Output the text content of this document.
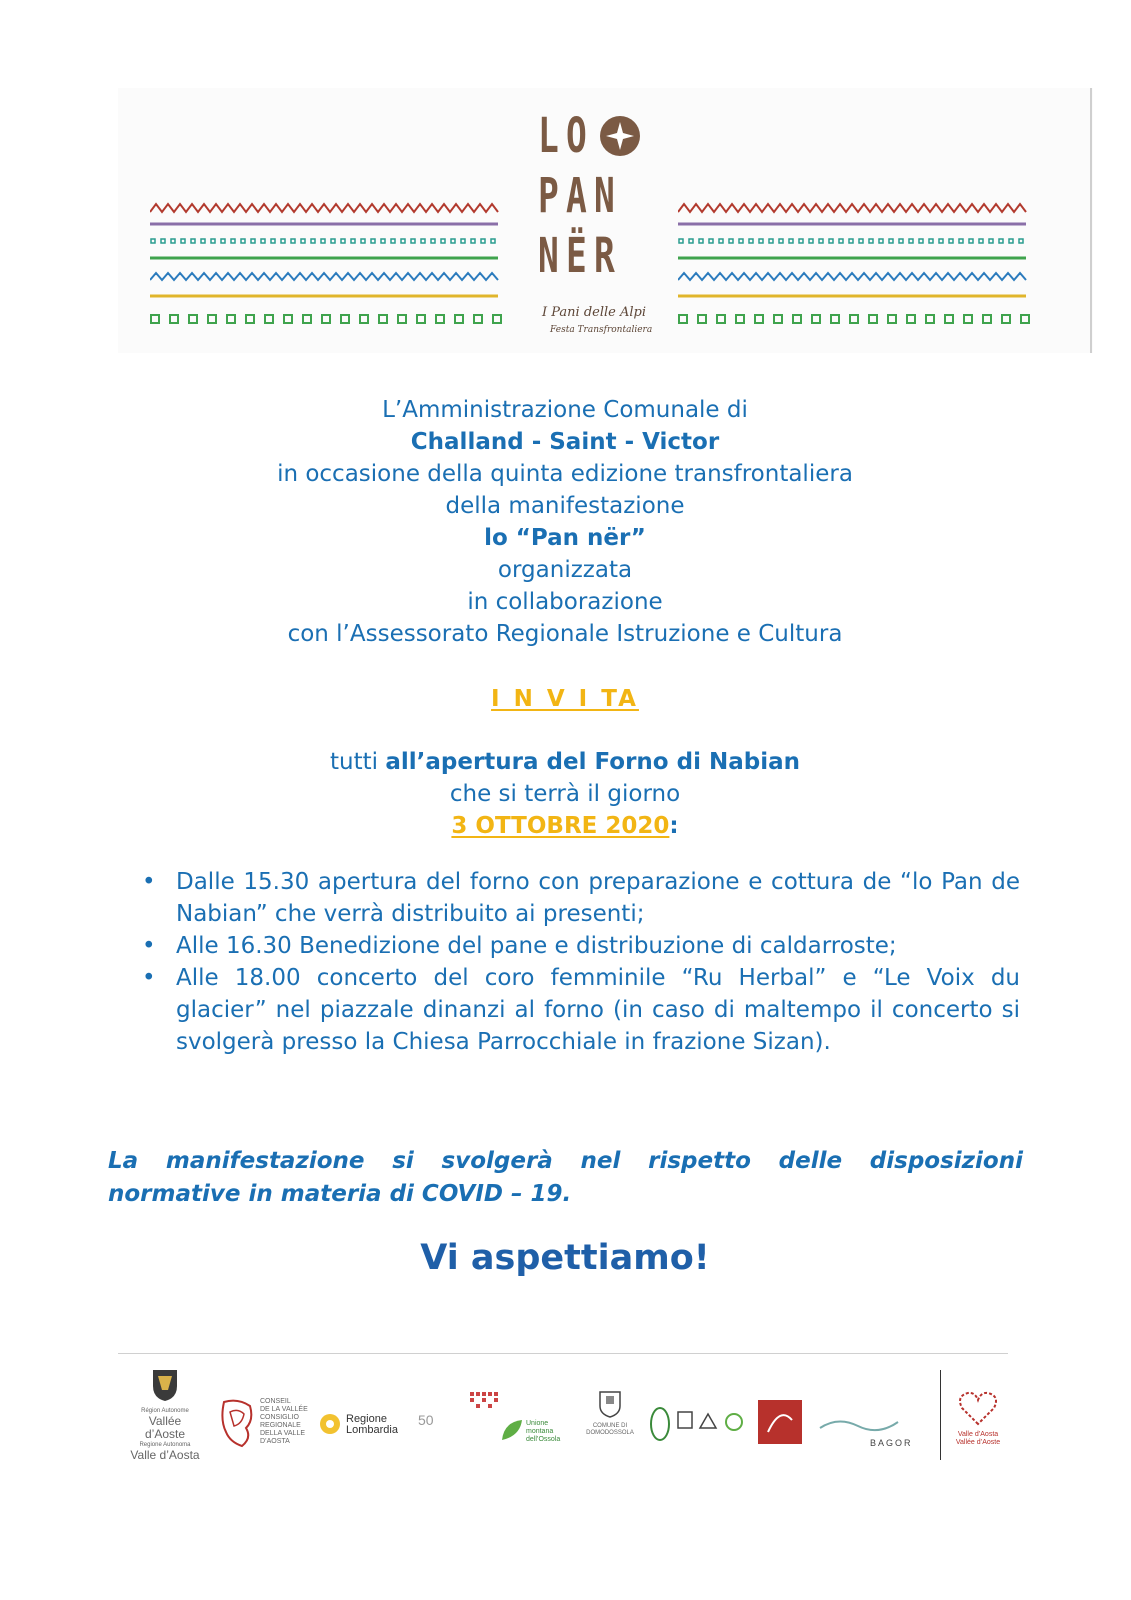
LO
PAN
NËR
I Pani delle Alpi
Festa Transfrontaliera
L’Amministrazione Comunale di
Challand - Saint - Victor
in occasione della quinta edizione transfrontaliera
della manifestazione
lo “Pan nër”
organizzata
in collaborazione
con l’Assessorato Regionale Istruzione e Cultura
I N V I TA
tutti all’apertura del Forno di Nabian
che si terrà il giorno
3 OTTOBRE 2020:
• Dalle 15.30 apertura del forno con preparazione e cottura de “lo Pan de Nabian” che verrà distribuito ai presenti;
• Alle 16.30 Benedizione del pane e distribuzione di caldarroste;
• Alle 18.00 concerto del coro femminile “Ru Herbal” e “Le Voix du glacier” nel piazzale dinanzi al forno (in caso di maltempo il concerto si svolgerà presso la Chiesa Parrocchiale in frazione Sizan).
La manifestazione si svolgerà nel rispetto delle disposizioni normative in materia di COVID – 19.
Vi aspettiamo!
Région Autonome
Vallée d’Aoste
Regione Autonoma
Valle d’Aosta
CONSEIL
DE LA VALLÉE
CONSIGLIO
REGIONALE
DELLA VALLE
D’AOSTA
Regione Lombardia
50	Unione montana dell’Ossola
COMUNE DI DOMODOSSOLA
BAGOR
Valle d’Aosta
Vallée d’Aoste
